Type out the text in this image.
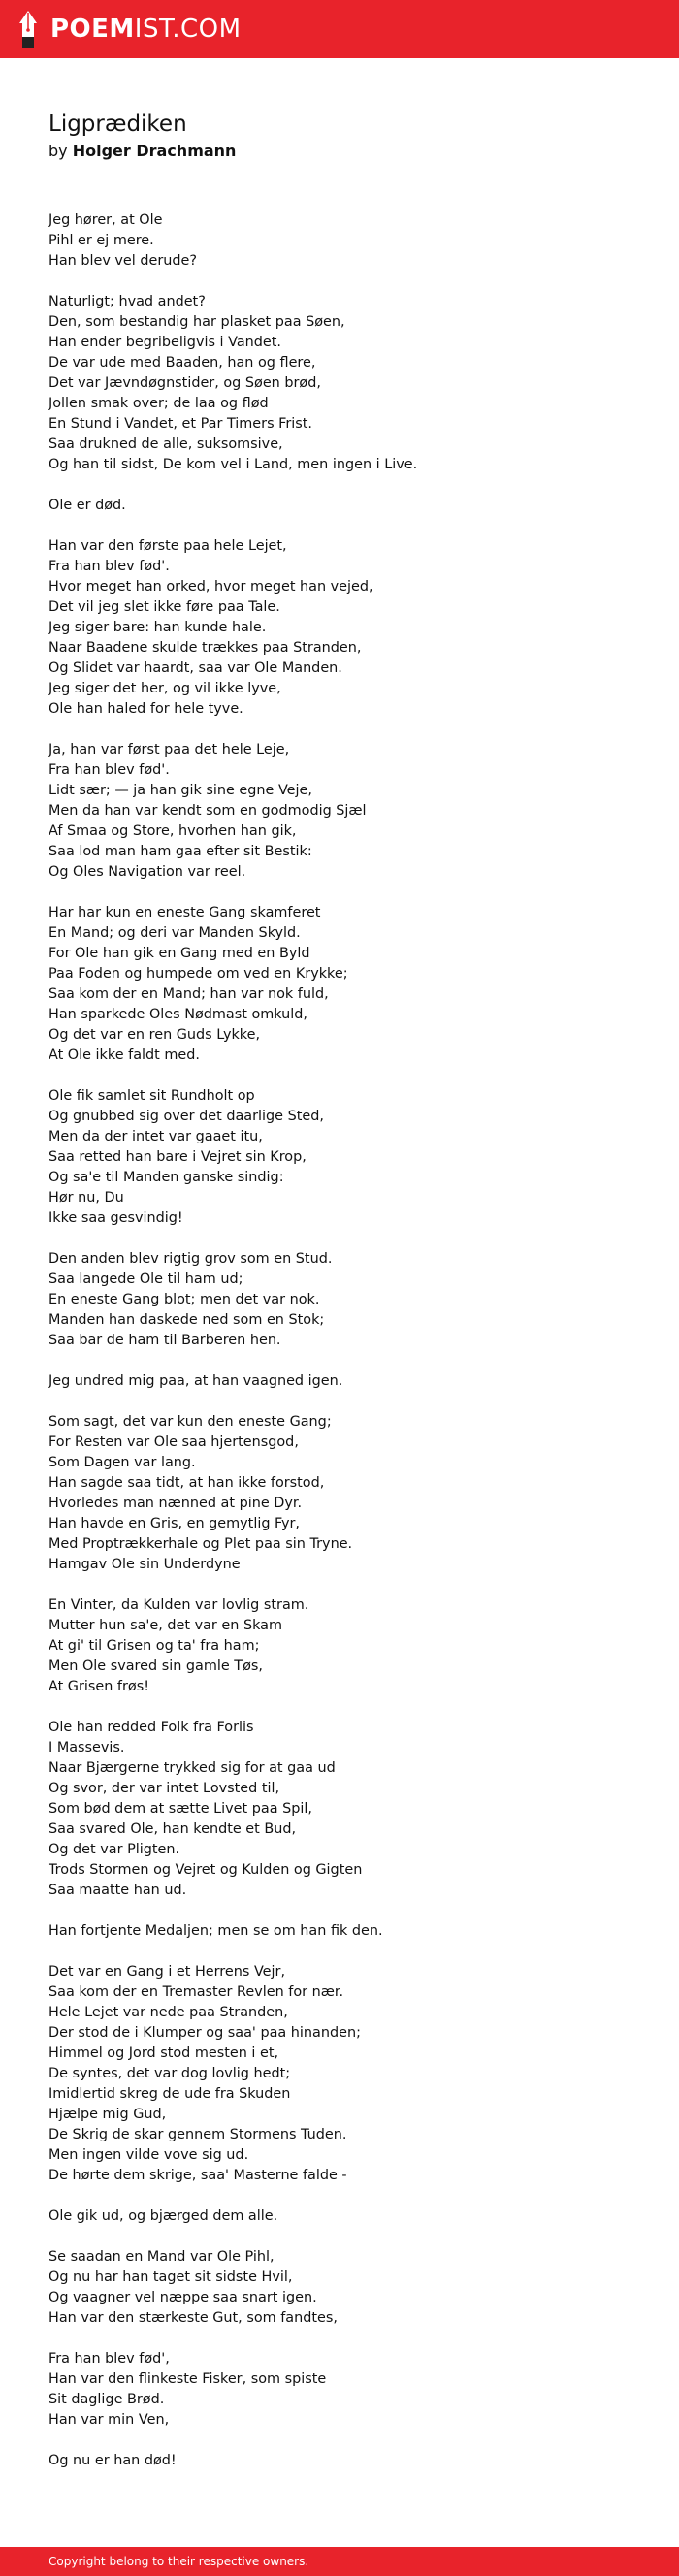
POEMIST.COM
Ligprædiken
by Holger Drachmann
Jeg hører, at Ole
Pihl er ej mere.
Han blev vel derude?
Naturligt; hvad andet?
Den, som bestandig har plasket paa Søen,
Han ender begribeligvis i Vandet.
De var ude med Baaden, han og flere,
Det var Jævndøgnstider, og Søen brød,
Jollen smak over; de laa og flød
En Stund i Vandet, et Par Timers Frist.
Saa drukned de alle, suksomsive,
Og han til sidst, De kom vel i Land, men ingen i Live.
Ole er død.
Han var den første paa hele Lejet,
Fra han blev fød'.
Hvor meget han orked, hvor meget han vejed,
Det vil jeg slet ikke føre paa Tale.
Jeg siger bare: han kunde hale.
Naar Baadene skulde trækkes paa Stranden,
Og Slidet var haardt, saa var Ole Manden.
Jeg siger det her, og vil ikke lyve,
Ole han haled for hele tyve.
Ja, han var først paa det hele Leje,
Fra han blev fød'.
Lidt sær; — ja han gik sine egne Veje,
Men da han var kendt som en godmodig Sjæl
Af Smaa og Store, hvorhen han gik,
Saa lod man ham gaa efter sit Bestik:
Og Oles Navigation var reel.
Har har kun en eneste Gang skamferet
En Mand; og deri var Manden Skyld.
For Ole han gik en Gang med en Byld
Paa Foden og humpede om ved en Krykke;
Saa kom der en Mand; han var nok fuld,
Han sparkede Oles Nødmast omkuld,
Og det var en ren Guds Lykke,
At Ole ikke faldt med.
Ole fik samlet sit Rundholt op
Og gnubbed sig over det daarlige Sted,
Men da der intet var gaaet itu,
Saa retted han bare i Vejret sin Krop,
Og sa'e til Manden ganske sindig:
Hør nu, Du
Ikke saa gesvindig!
Den anden blev rigtig grov som en Stud.
Saa langede Ole til ham ud;
En eneste Gang blot; men det var nok.
Manden han daskede ned som en Stok;
Saa bar de ham til Barberen hen.
Jeg undred mig paa, at han vaagned igen.
Som sagt, det var kun den eneste Gang;
For Resten var Ole saa hjertensgod,
Som Dagen var lang.
Han sagde saa tidt, at han ikke forstod,
Hvorledes man nænned at pine Dyr.
Han havde en Gris, en gemytlig Fyr,
Med Proptrækkerhale og Plet paa sin Tryne.
Hamgav Ole sin Underdyne
En Vinter, da Kulden var lovlig stram.
Mutter hun sa'e, det var en Skam
At gi' til Grisen og ta' fra ham;
Men Ole svared sin gamle Tøs,
At Grisen frøs!
Ole han redded Folk fra Forlis
I Massevis.
Naar Bjærgerne trykked sig for at gaa ud
Og svor, der var intet Lovsted til,
Som bød dem at sætte Livet paa Spil,
Saa svared Ole, han kendte et Bud,
Og det var Pligten.
Trods Stormen og Vejret og Kulden og Gigten
Saa maatte han ud.
Han fortjente Medaljen; men se om han fik den.
Det var en Gang i et Herrens Vejr,
Saa kom der en Tremaster Revlen for nær.
Hele Lejet var nede paa Stranden,
Der stod de i Klumper og saa' paa hinanden;
Himmel og Jord stod mesten i et,
De syntes, det var dog lovlig hedt;
Imidlertid skreg de ude fra Skuden
Hjælpe mig Gud,
De Skrig de skar gennem Stormens Tuden.
Men ingen vilde vove sig ud.
De hørte dem skrige, saa' Masterne falde -
Ole gik ud, og bjærged dem alle.
Se saadan en Mand var Ole Pihl,
Og nu har han taget sit sidste Hvil,
Og vaagner vel næppe saa snart igen.
Han var den stærkeste Gut, som fandtes,
Fra han blev fød',
Han var den flinkeste Fisker, som spiste
Sit daglige Brød.
Han var min Ven,
Og nu er han død!
Copyright belong to their respective owners.
